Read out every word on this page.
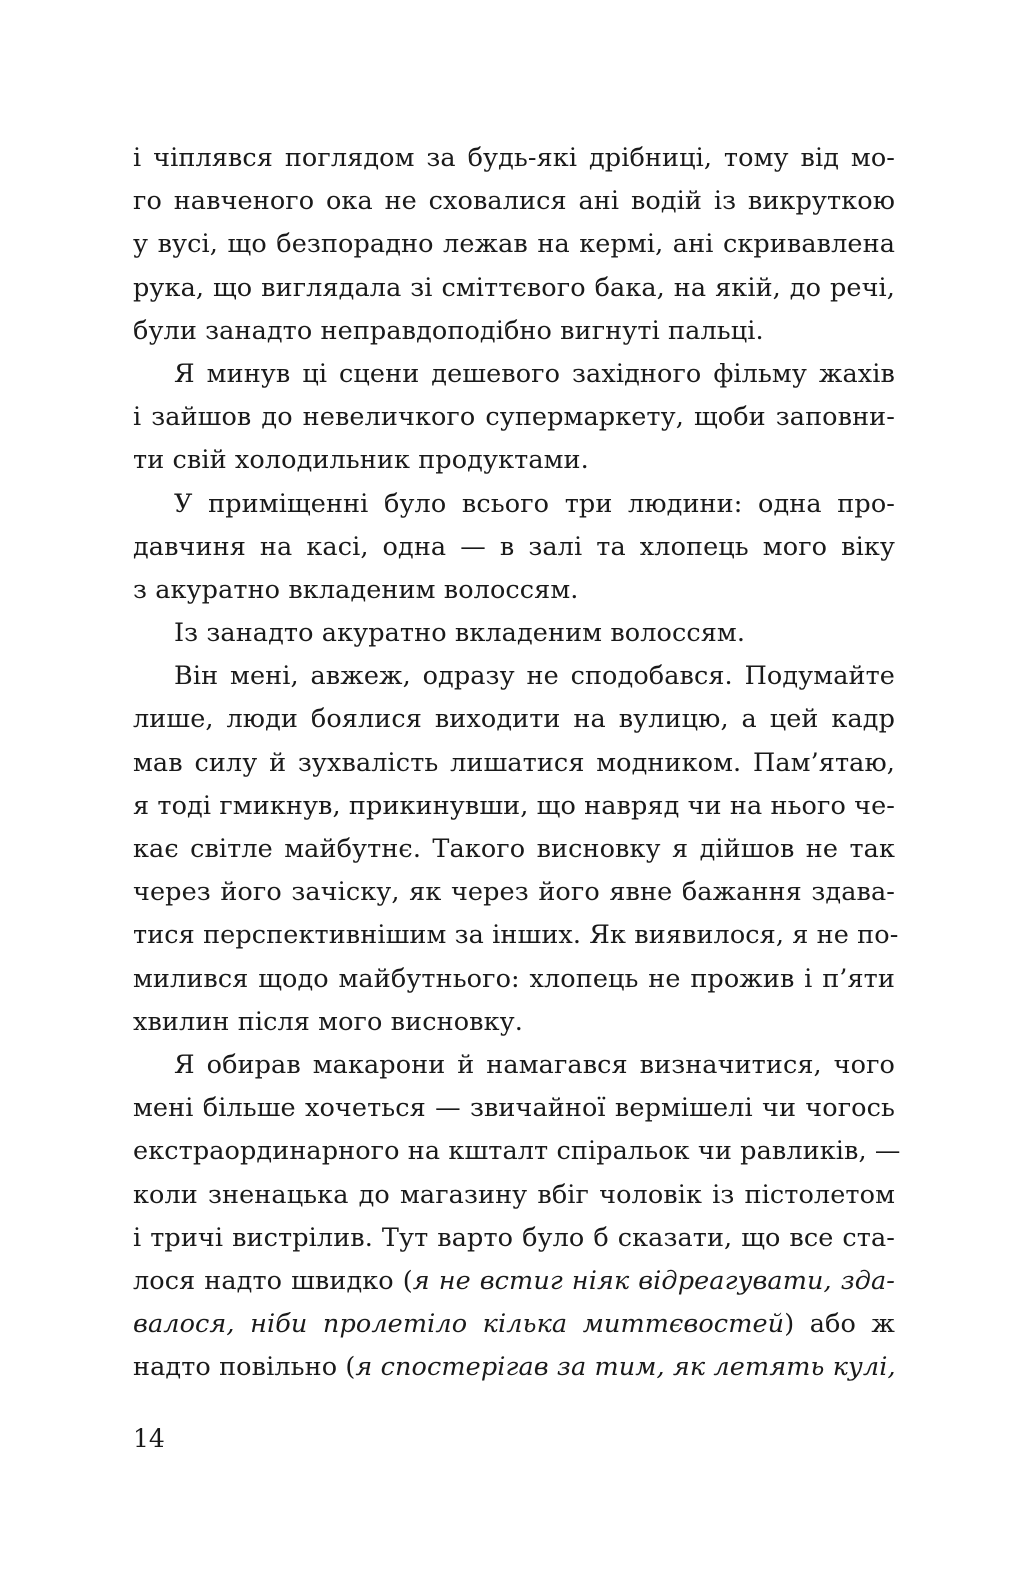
і чіплявся поглядом за будь-які дрібниці, тому від мо-
го навченого ока не сховалися ані водій із викруткою
у вусі, що безпорадно лежав на кермі, ані скривавлена
рука, що виглядала зі сміттєвого бака, на якій, до речі,
були занадто неправдоподібно вигнуті пальці.
Я минув ці сцени дешевого західного фільму жахів
і зайшов до невеличкого супермаркету, щоби заповни-
ти свій холодильник продуктами.
У приміщенні було всього три людини: одна про-
давчиня на касі, одна — в залі та хлопець мого віку
з акуратно вкладеним волоссям.
Із занадто акуратно вкладеним волоссям.
Він мені, авжеж, одразу не сподобався. Подумайте
лише, люди боялися виходити на вулицю, а цей кадр
мав силу й зухвалість лишатися модником. Пам’ятаю,
я тоді гмикнув, прикинувши, що навряд чи на нього че-
кає світле майбутнє. Такого висновку я дійшов не так
через його зачіску, як через його явне бажання здава-
тися перспективнішим за інших. Як виявилося, я не по-
милився щодо майбутнього: хлопець не прожив і п’яти
хвилин після мого висновку.
Я обирав макарони й намагався визначитися, чого
мені більше хочеться — звичайної вермішелі чи чогось
екстраординарного на кшталт спіральок чи равликів, —
коли зненацька до магазину вбіг чоловік із пістолетом
і тричі вистрілив. Тут варто було б сказати, що все ста-
лося надто швидко (я не встиг ніяк відреагувати, зда-
валося, ніби пролетіло кілька миттєвостей) або ж
надто повільно (я спостерігав за тим, як летять кулі,
14
